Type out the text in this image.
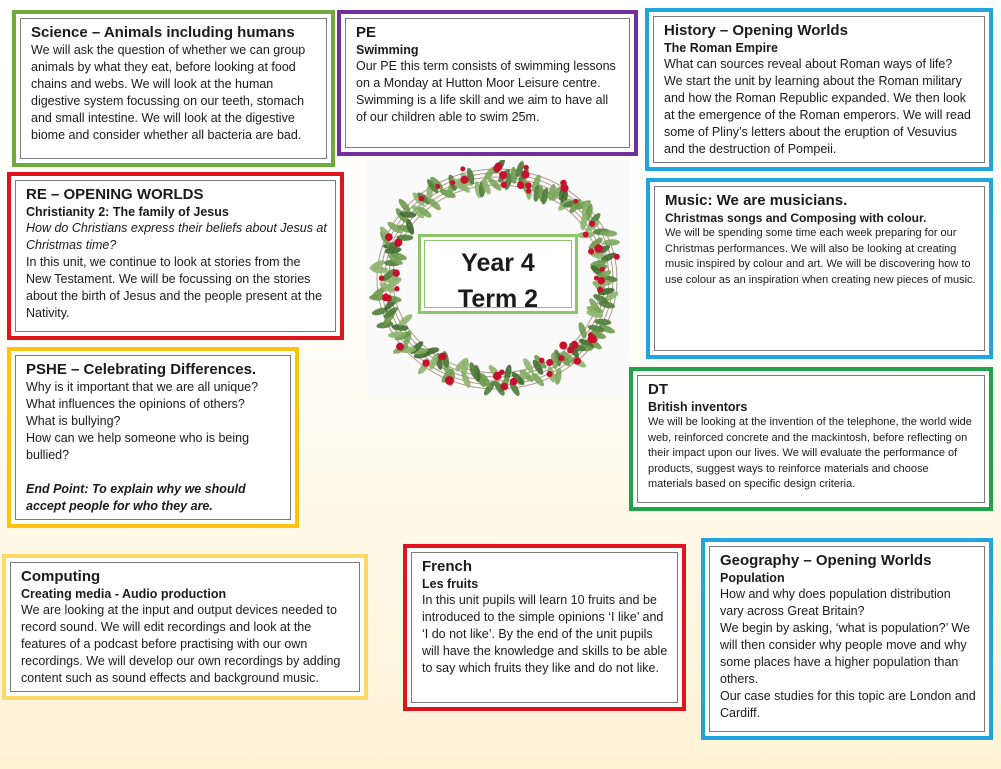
Science – Animals including humans

We will ask the question of whether we can group animals by what they eat, before looking at food chains and webs. We will look at the human digestive system focussing on our teeth, stomach and small intestine. We will look at the digestive biome and consider whether all bacteria are bad.

PE
Swimming

Our PE this term consists of swimming lessons on a Monday at Hutton Moor Leisure centre. Swimming is a life skill and we aim to have all of our children able to swim 25m.

History – Opening Worlds
The Roman Empire

What can sources reveal about Roman ways of life?

We start the unit by learning about the Roman military and how the Roman Republic expanded. We then look at the emergence of the Roman emperors. We will read some of Pliny’s letters about the eruption of Vesuvius and the destruction of Pompeii.

RE – OPENING WORLDS
Christianity 2: The family of Jesus

How do Christians express their beliefs about Jesus at Christmas time?

In this unit, we continue to look at stories from the New Testament. We will be focussing on the stories about the birth of Jesus and the people present at the Nativity.

Year 4
Term 2
Music: We are musicians.
Christmas songs and Composing with colour.

We will be spending some time each week preparing for our Christmas performances. We will also be looking at creating music inspired by colour and art. We will be discovering how to use colour as an inspiration when creating new pieces of music.

PSHE – Celebrating Differences.

Why is it important that we are all unique?

What influences the opinions of others?

What is bullying?

How can we help someone who is being bullied?

End Point: To explain why we should accept people for who they are.

DT
British inventors

We will be looking at the invention of the telephone, the world wide web, reinforced concrete and the mackintosh, before reflecting on their impact upon our lives. We will evaluate the performance of products, suggest ways to reinforce materials and choose materials based on specific design criteria.

Computing
Creating media - Audio production

We are looking at the input and output devices needed to record sound. We will edit recordings and look at the features of a podcast before practising with our own recordings. We will develop our own recordings by adding content such as sound effects and background music.

French
Les fruits

In this unit pupils will learn 10 fruits and be introduced to the simple opinions ‘I like’ and ‘I do not like’. By the end of the unit pupils will have the knowledge and skills to be able to say which fruits they like and do not like.

Geography – Opening Worlds
Population

How and why does population distribution vary across Great Britain?

We begin by asking, ‘what is population?’ We will then consider why people move and why some places have a higher population than others.

Our case studies for this topic are London and Cardiff.
